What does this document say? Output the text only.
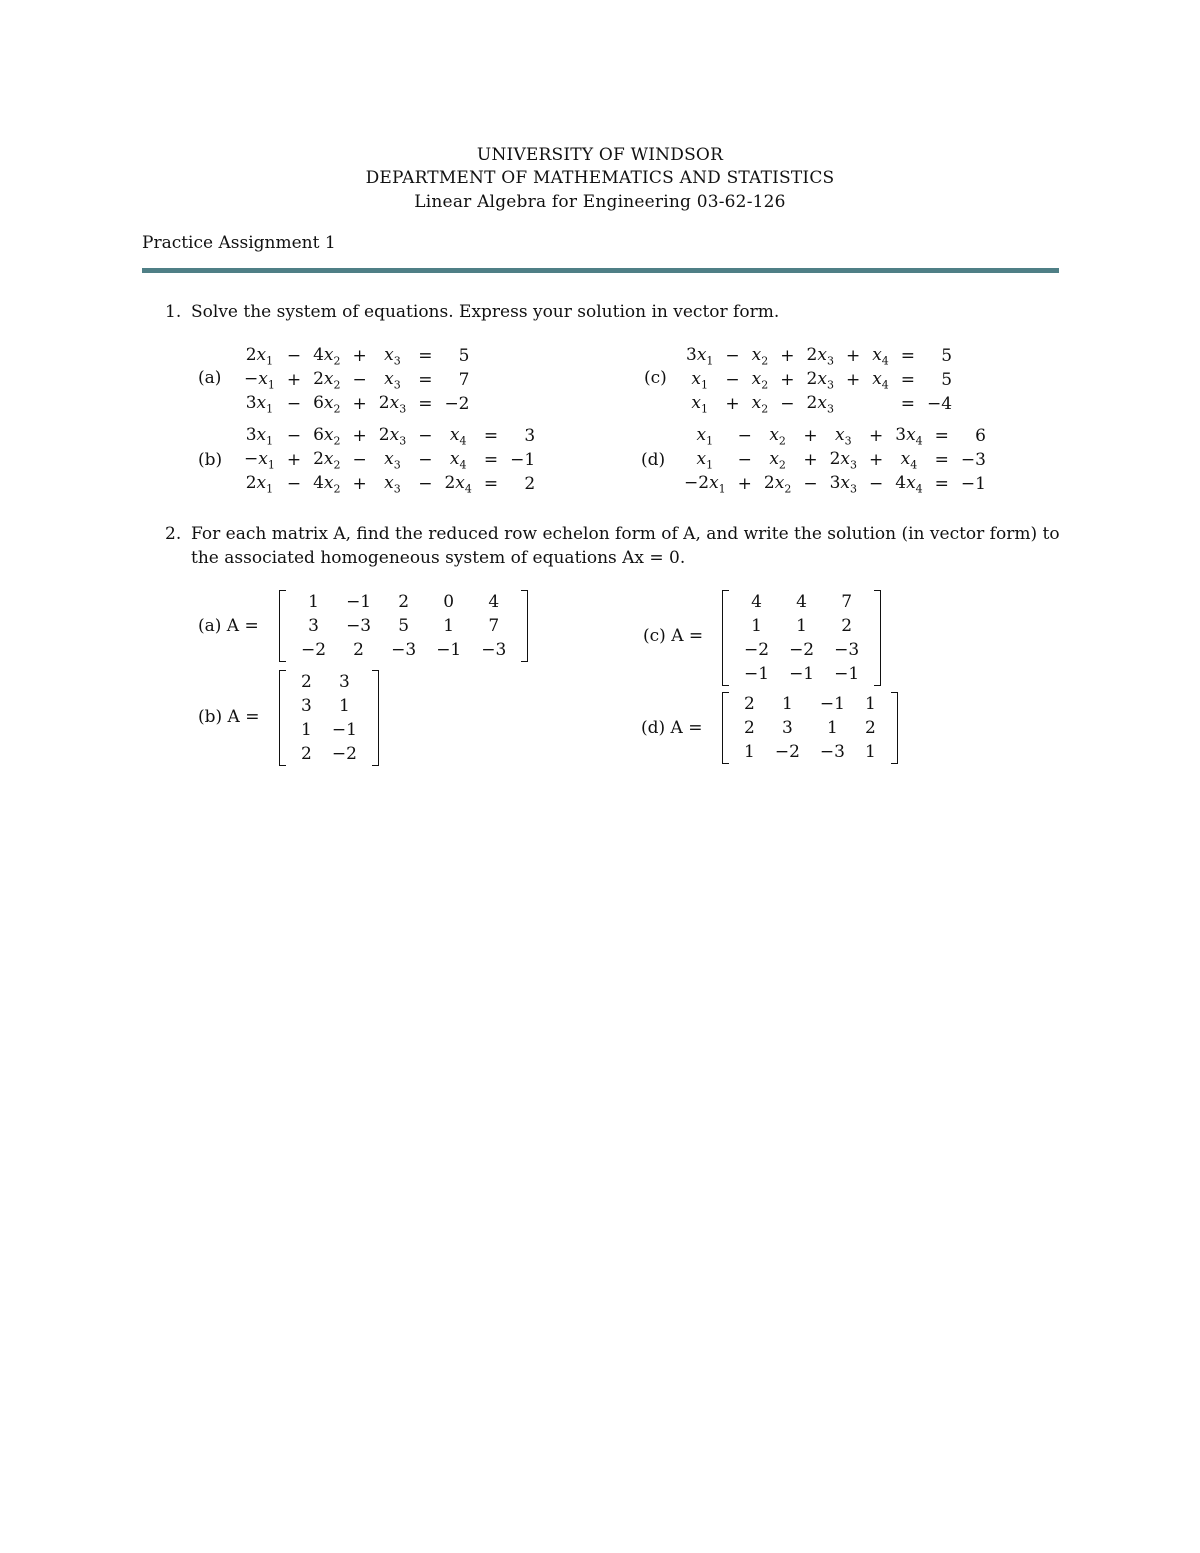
UNIVERSITY OF WINDSOR
DEPARTMENT OF MATHEMATICS AND STATISTICS
Linear Algebra for Engineering 03-62-126
Practice Assignment 1
1. Solve the system of equations. Express your solution in vector form.
(a)
$2x_1$	−	$4x_2$	+	$x_3$	=	5
$-x_1$	+	$2x_2$	−	$x_3$	=	7
$3x_1$	−	$6x_2$	+	$2x_3$	=	−2
(b)
$3x_1$	−	$6x_2$	+	$2x_3$	−	$x_4$	=	3
$-x_1$	+	$2x_2$	−	$x_3$	−	$x_4$	=	−1
$2x_1$	−	$4x_2$	+	$x_3$	−	$2x_4$	=	2
(c)
$3x_1$	−	$x_2$	+	$2x_3$	+	$x_4$	=	5
$x_1$	−	$x_2$	+	$2x_3$	+	$x_4$	=	5
$x_1$	+	$x_2$	−	$2x_3$			=	−4
(d)
$x_1$	−	$x_2$	+	$x_3$	+	$3x_4$	=	6
$x_1$	−	$x_2$	+	$2x_3$	+	$x_4$	=	−3
$-2x_1$	+	$2x_2$	−	$3x_3$	−	$4x_4$	=	−1
2. For each matrix A, find the reduced row echelon form of A, and write the solution (in vector form) to
the associated homogeneous system of equations Ax = 0.
(a) A =
1	−1	2	0	4
3	−3	5	1	7
−2	2	−3	−1	−3
(b) A =
2	3
3	1
1	−1
2	−2
(c) A =
4	4	7
1	1	2
−2	−2	−3
−1	−1	−1
(d) A =
2	1	−1	1
2	3	1	2
1	−2	−3	1
